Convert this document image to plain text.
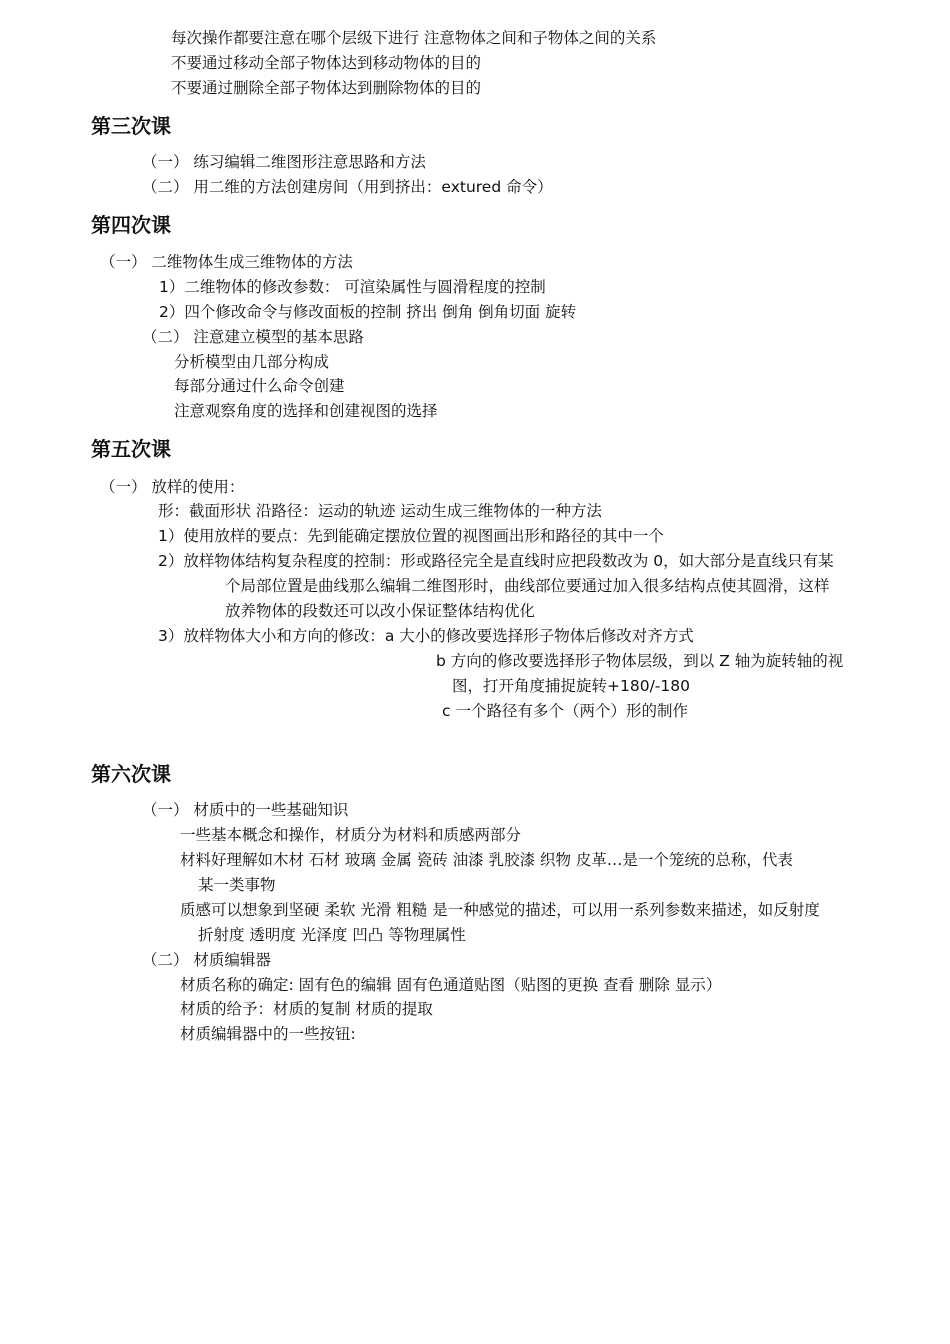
每次操作都要注意在哪个层级下进行 注意物体之间和子物体之间的关系
不要通过移动全部子物体达到移动物体的目的
不要通过删除全部子物体达到删除物体的目的
第三次课
（一） 练习编辑二维图形注意思路和方法
（二） 用二维的方法创建房间（用到挤出：extured 命令）
第四次课
（一） 二维物体生成三维物体的方法
1）二维物体的修改参数： 可渲染属性与圆滑程度的控制
2）四个修改命令与修改面板的控制 挤出 倒角 倒角切面 旋转
（二） 注意建立模型的基本思路
分析模型由几部分构成
每部分通过什么命令创建
注意观察角度的选择和创建视图的选择
第五次课
（一） 放样的使用：
形：截面形状 沿路径：运动的轨迹 运动生成三维物体的一种方法
1）使用放样的要点：先到能确定摆放位置的视图画出形和路径的其中一个
2）放样物体结构复杂程度的控制：形或路径完全是直线时应把段数改为 0，如大部分是直线只有某
个局部位置是曲线那么编辑二维图形时，曲线部位要通过加入很多结构点使其圆滑，这样
放养物体的段数还可以改小保证整体结构优化
3）放样物体大小和方向的修改：a 大小的修改要选择形子物体后修改对齐方式
b 方向的修改要选择形子物体层级，到以 Z 轴为旋转轴的视
图，打开角度捕捉旋转+180/-180
c 一个路径有多个（两个）形的制作
第六次课
（一） 材质中的一些基础知识
一些基本概念和操作，材质分为材料和质感两部分
材料好理解如木材 石材 玻璃 金属 瓷砖 油漆 乳胶漆 织物 皮革…是一个笼统的总称，代表
某一类事物
质感可以想象到坚硬 柔软 光滑 粗糙 是一种感觉的描述，可以用一系列参数来描述，如反射度
折射度 透明度 光泽度 凹凸 等物理属性
（二） 材质编辑器
材质名称的确定: 固有色的编辑 固有色通道贴图（贴图的更换 查看 删除 显示）
材质的给予：材质的复制 材质的提取
材质编辑器中的一些按钮:
